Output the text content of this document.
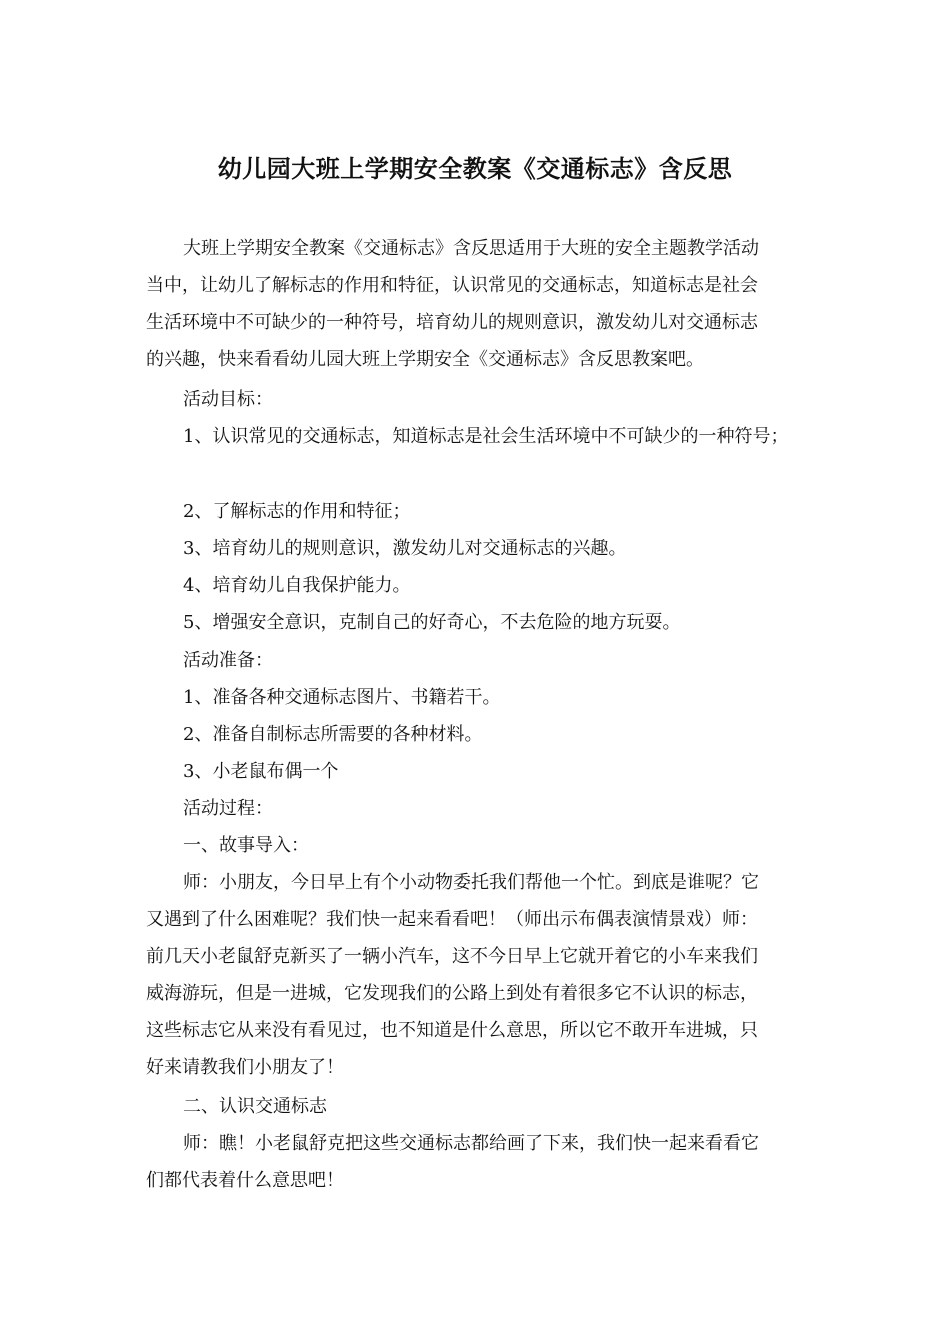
幼儿园大班上学期安全教案《交通标志》含反思

大班上学期安全教案《交通标志》含反思适用于大班的安全主题教学活动

当中，让幼儿了解标志的作用和特征，认识常见的交通标志，知道标志是社会

生活环境中不可缺少的一种符号，培育幼儿的规则意识，激发幼儿对交通标志

的兴趣，快来看看幼儿园大班上学期安全《交通标志》含反思教案吧。

活动目标：

1、认识常见的交通标志，知道标志是社会生活环境中不可缺少的一种符号；

2、了解标志的作用和特征；

3、培育幼儿的规则意识，激发幼儿对交通标志的兴趣。

4、培育幼儿自我保护能力。

5、增强安全意识，克制自己的好奇心，不去危险的地方玩耍。

活动准备：

1、准备各种交通标志图片、书籍若干。

2、准备自制标志所需要的各种材料。

3、小老鼠布偶一个

活动过程：

一、故事导入：

师：小朋友，今日早上有个小动物委托我们帮他一个忙。到底是谁呢？它

又遇到了什么困难呢？我们快一起来看看吧！（师出示布偶表演情景戏）师：

前几天小老鼠舒克新买了一辆小汽车，这不今日早上它就开着它的小车来我们

威海游玩，但是一进城，它发现我们的公路上到处有着很多它不认识的标志，

这些标志它从来没有看见过，也不知道是什么意思，所以它不敢开车进城，只

好来请教我们小朋友了！

二、认识交通标志

师：瞧！小老鼠舒克把这些交通标志都给画了下来，我们快一起来看看它

们都代表着什么意思吧！
